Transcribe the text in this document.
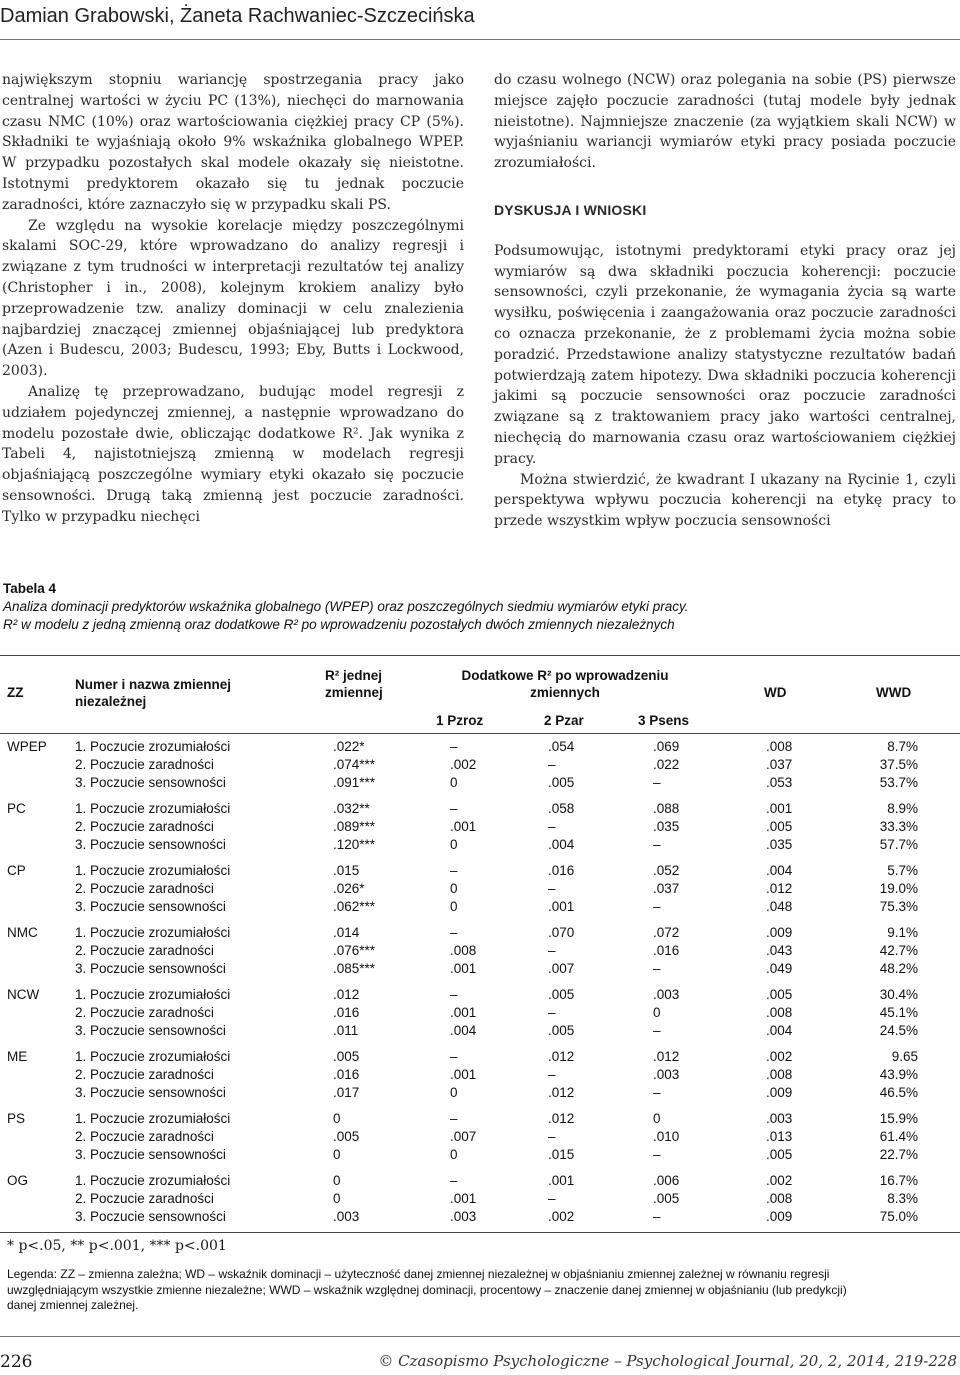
Damian Grabowski, Żaneta Rachwaniec-Szczecińska

największym stopniu wariancję spostrzegania pracy jako centralnej wartości w życiu PC (13%), niechęci do marnowania czasu NMC (10%) oraz wartościowania ciężkiej pracy CP (5%). Składniki te wyjaśniają około 9% wskaźnika globalnego WPEP. W przypadku pozostałych skal modele okazały się nieistotne. Istotnymi predyktorem okazało się tu jednak poczucie zaradności, które zaznaczyło się w przypadku skali PS.

Ze względu na wysokie korelacje między poszczególnymi skalami SOC-29, które wprowadzano do analizy regresji i związane z tym trudności w interpretacji rezultatów tej analizy (Christopher i in., 2008), kolejnym krokiem analizy było przeprowadzenie tzw. analizy dominacji w celu znalezienia najbardziej znaczącej zmiennej objaśniającej lub predyktora (Azen i Budescu, 2003; Budescu, 1993; Eby, Butts i Lockwood, 2003).

Analizę tę przeprowadzano, budując model regresji z udziałem pojedynczej zmiennej, a następnie wprowadzano do modelu pozostałe dwie, obliczając dodatkowe R². Jak wynika z Tabeli 4, najistotniejszą zmienną w modelach regresji objaśniającą poszczególne wymiary etyki okazało się poczucie sensowności. Drugą taką zmienną jest poczucie zaradności. Tylko w przypadku niechęci

do czasu wolnego (NCW) oraz polegania na sobie (PS) pierwsze miejsce zajęło poczucie zaradności (tutaj modele były jednak nieistotne). Najmniejsze znaczenie (za wyjątkiem skali NCW) w wyjaśnianiu wariancji wymiarów etyki pracy posiada poczucie zrozumiałości.

DYSKUSJA I WNIOSKI

Podsumowując, istotnymi predyktorami etyki pracy oraz jej wymiarów są dwa składniki poczucia koherencji: poczucie sensowności, czyli przekonanie, że wymagania życia są warte wysiłku, poświęcenia i zaangażowania oraz poczucie zaradności co oznacza przekonanie, że z problemami życia można sobie poradzić. Przedstawione analizy statystyczne rezultatów badań potwierdzają zatem hipotezy. Dwa składniki poczucia koherencji jakimi są poczucie sensowności oraz poczucie zaradności związane są z traktowaniem pracy jako wartości centralnej, niechęcią do marnowania czasu oraz wartościowaniem ciężkiej pracy.

Można stwierdzić, że kwadrant I ukazany na Rycinie 1, czyli perspektywa wpływu poczucia koherencji na etykę pracy to przede wszystkim wpływ poczucia sensowności

Tabela 4
Analiza dominacji predyktorów wskaźnika globalnego (WPEP) oraz poszczególnych siedmiu wymiarów etyki pracy.
R² w modelu z jedną zmienną oraz dodatkowe R² po wprowadzeniu pozostałych dwóch zmiennych niezależnych
ZZ
Numer i nazwa zmiennej niezależnej
R² jednej zmiennej
Dodatkowe R² po wprowadzeniu zmiennych
1 Pzroz	2 Pzar	3 Psens
WD	WWD
WPEP 1. Poczucie zrozumiałości	.022*	–	.054	.069	.008	8.7%
2. Poczucie zaradności	.074***	.002	–	.022	.037	37.5%
3. Poczucie sensowności	.091***	0	.005	–	.053	53.7%
PC	1. Poczucie zrozumiałości	.032**	–	.058	.088	.001	8.9%
2. Poczucie zaradności	.089***	.001	–	.035	.005	33.3%
3. Poczucie sensowności	.120***	0	.004	–	.035	57.7%
CP	1. Poczucie zrozumiałości	.015	–	.016	.052	.004	5.7%
2. Poczucie zaradności	.026*	0	–	.037	.012	19.0%
3. Poczucie sensowności	.062***	0	.001	–	.048	75.3%
NMC	1. Poczucie zrozumiałości	.014	–	.070	.072	.009	9.1%
2. Poczucie zaradności	.076***	.008	–	.016	.043	42.7%
3. Poczucie sensowności	.085***	.001	.007	–	.049	48.2%
NCW	1. Poczucie zrozumiałości	.012	–	.005	.003	.005	30.4%
2. Poczucie zaradności	.016	.001	–	0	.008	45.1%
3. Poczucie sensowności	.011	.004	.005	–	.004	24.5%
ME	1. Poczucie zrozumiałości	.005	–	.012	.012	.002	9.65
2. Poczucie zaradności	.016	.001	–	.003	.008	43.9%
3. Poczucie sensowności	.017	0	.012	–	.009	46.5%
PS	1. Poczucie zrozumiałości	0	–	.012	0	.003	15.9%
2. Poczucie zaradności	.005	.007	–	.010	.013	61.4%
3. Poczucie sensowności	0	0	.015	–	.005	22.7%
OG	1. Poczucie zrozumiałości	0	–	.001	.006	.002	16.7%
2. Poczucie zaradności	0	.001	–	.005	.008	8.3%
3. Poczucie sensowności	.003	.003	.002	–	.009	75.0%
* p<.05, ** p<.001, *** p<.001
Legenda: ZZ – zmienna zależna; WD – wskaźnik dominacji – użyteczność danej zmiennej niezależnej w objaśnianiu zmiennej zależnej w równaniu regresji uwzględniającym wszystkie zmienne niezależne; WWD – wskaźnik względnej dominacji, procentowy – znaczenie danej zmiennej w objaśnianiu (lub predykcji) danej zmiennej zależnej.
226	© Czasopismo Psychologiczne – Psychological Journal, 20, 2, 2014, 219-228
